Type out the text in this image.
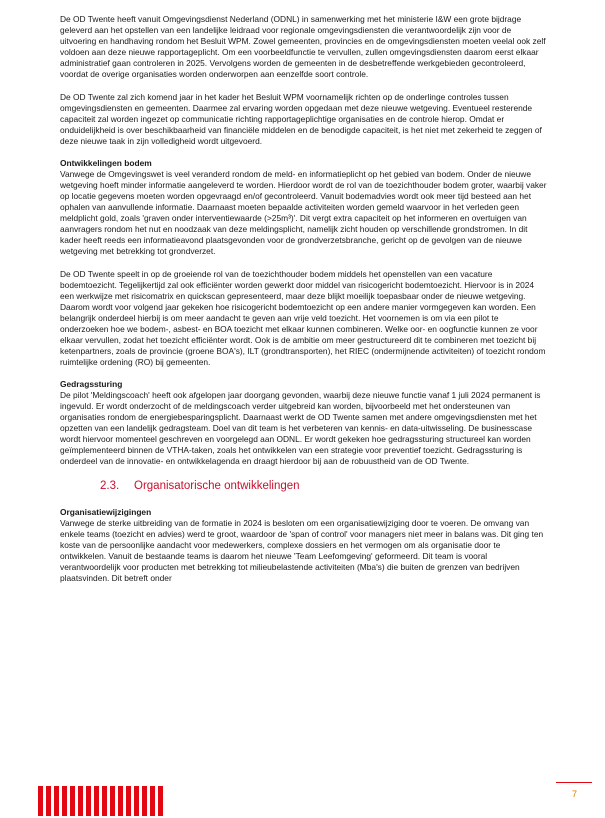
De OD Twente heeft vanuit Omgevingsdienst Nederland (ODNL) in samenwerking met het ministerie I&W een grote bijdrage geleverd aan het opstellen van een landelijke leidraad voor regionale omgevingsdiensten die verantwoordelijk zijn voor de uitvoering en handhaving rondom het Besluit WPM. Zowel gemeenten, provincies en de omgevingsdiensten moeten veelal ook zelf voldoen aan deze nieuwe rapportageplicht. Om een voorbeeldfunctie te vervullen, zullen omgevingsdiensten daarom eerst elkaar administratief gaan controleren in 2025. Vervolgens worden de gemeenten in de desbetreffende werkgebieden gecontroleerd, voordat de overige organisaties worden onderworpen aan eenzelfde soort controle.

De OD Twente zal zich komend jaar in het kader het Besluit WPM voornamelijk richten op de onderlinge controles tussen omgevingsdiensten en gemeenten. Daarmee zal ervaring worden opgedaan met deze nieuwe wetgeving. Eventueel resterende capaciteit zal worden ingezet op communicatie richting rapportageplichtige organisaties en de controle hierop. Omdat er onduidelijkheid is over beschikbaarheid van financiële middelen en de benodigde capaciteit, is het niet met zekerheid te zeggen of deze nieuwe taak in zijn volledigheid wordt uitgevoerd.

Ontwikkelingen bodem

Vanwege de Omgevingswet is veel veranderd rondom de meld- en informatieplicht op het gebied van bodem. Onder de nieuwe wetgeving hoeft minder informatie aangeleverd te worden. Hierdoor wordt de rol van de toezichthouder bodem groter, waarbij vaker op locatie gegevens moeten worden opgevraagd en/of gecontroleerd. Vanuit bodemadvies wordt ook meer tijd besteed aan het ophalen van aanvullende informatie. Daarnaast moeten bepaalde activiteiten worden gemeld waarvoor in het verleden geen meldplicht gold, zoals 'graven onder interventiewaarde (>25m³)'. Dit vergt extra capaciteit op het informeren en overtuigen van aanvragers rondom het nut en noodzaak van deze meldingsplicht, namelijk zicht houden op verschillende grondstromen. In dit kader heeft reeds een informatieavond plaatsgevonden voor de grondverzetsbranche, gericht op de gevolgen van de nieuwe wetgeving met betrekking tot grondverzet.

De OD Twente speelt in op de groeiende rol van de toezichthouder bodem middels het openstellen van een vacature bodemtoezicht. Tegelijkertijd zal ook efficiënter worden gewerkt door middel van risicogericht bodemtoezicht. Hiervoor is in 2024 een werkwijze met risicomatrix en quickscan gepresenteerd, maar deze blijkt moeilijk toepasbaar onder de nieuwe wetgeving. Daarom wordt voor volgend jaar gekeken hoe risicogericht bodemtoezicht op een andere manier vormgegeven kan worden. Een belangrijk onderdeel hierbij is om meer aandacht te geven aan vrije veld toezicht. Het voornemen is om via een pilot te onderzoeken hoe we bodem-, asbest- en BOA toezicht met elkaar kunnen combineren. Welke oor- en oogfunctie kunnen ze voor elkaar vervullen, zodat het toezicht efficiënter wordt. Ook is de ambitie om meer gestructureerd dit te combineren met toezicht bij ketenpartners, zoals de provincie (groene BOA's), ILT (grondtransporten), het RIEC (ondermijnende activiteiten) of toezicht rondom ruimtelijke ordening (RO) bij gemeenten.

Gedragssturing

De pilot 'Meldingscoach' heeft ook afgelopen jaar doorgang gevonden, waarbij deze nieuwe functie vanaf 1 juli 2024 permanent is ingevuld. Er wordt onderzocht of de meldingscoach verder uitgebreid kan worden, bijvoorbeeld met het ondersteunen van organisaties rondom de energiebesparingsplicht. Daarnaast werkt de OD Twente samen met andere omgevingsdiensten met het opzetten van een landelijk gedragsteam. Doel van dit team is het verbeteren van kennis- en data-uitwisseling. De businesscase wordt hiervoor momenteel geschreven en voorgelegd aan ODNL. Er wordt gekeken hoe gedragssturing structureel kan worden geïmplementeerd binnen de VTHA-taken, zoals het ontwikkelen van een strategie voor preventief toezicht. Gedragssturing is onderdeel van de innovatie- en ontwikkelagenda en draagt hierdoor bij aan de robuustheid van de OD Twente.

2.3.	Organisatorische ontwikkelingen
Organisatiewijzigingen

Vanwege de sterke uitbreiding van de formatie in 2024 is besloten om een organisatiewijziging door te voeren. De omvang van enkele teams (toezicht en advies) werd te groot, waardoor de 'span of control' voor managers niet meer in balans was. Dit ging ten koste van de persoonlijke aandacht voor medewerkers, complexe dossiers en het vermogen om als organisatie door te ontwikkelen. Vanuit de bestaande teams is daarom het nieuwe 'Team Leefomgeving' geformeerd. Dit team is vooral verantwoordelijk voor producten met betrekking tot milieubelastende activiteiten (Mba's) die buiten de grenzen van bedrijven plaatsvinden. Dit betreft onder

7
